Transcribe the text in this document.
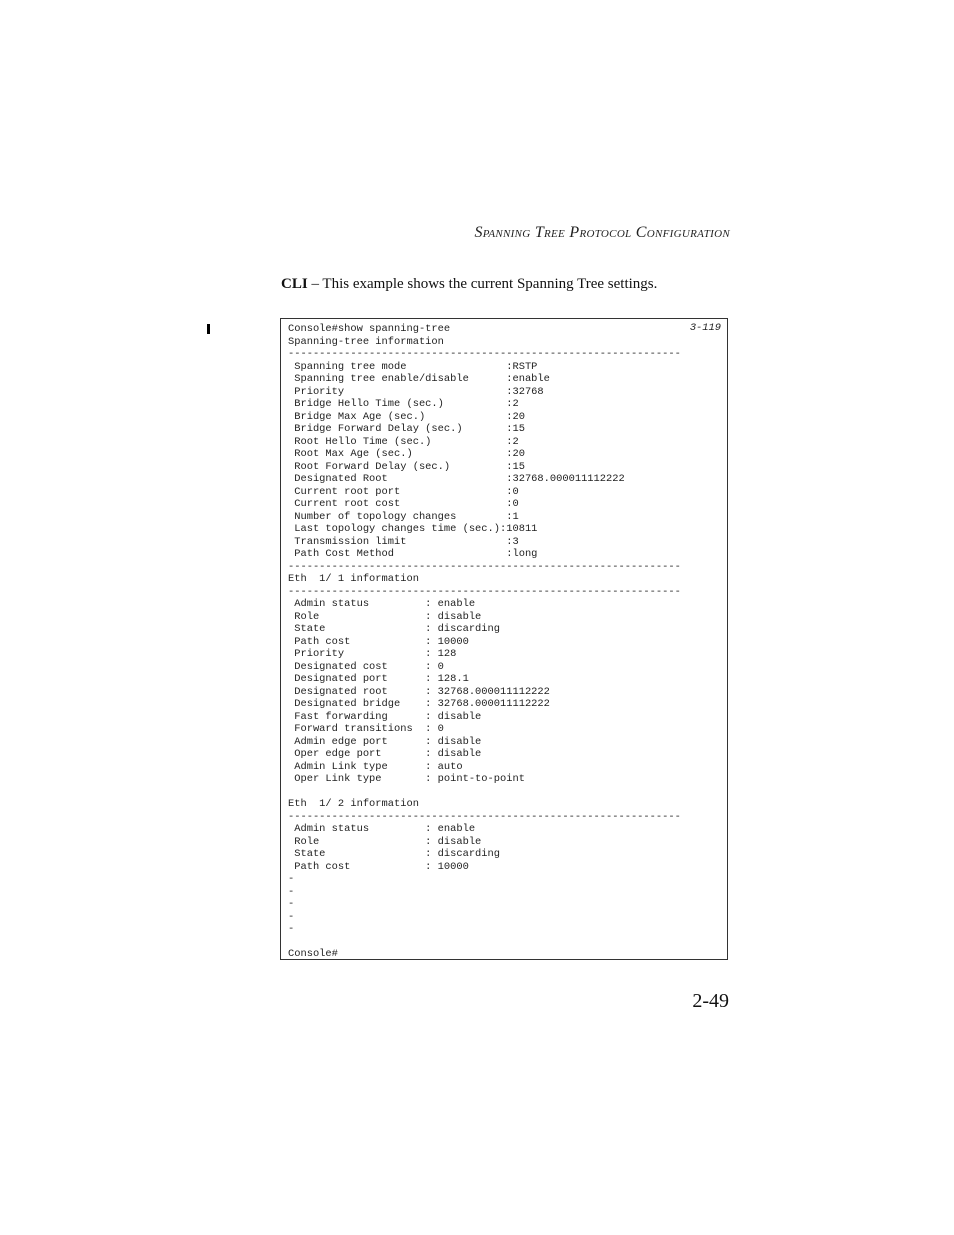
Spanning Tree Protocol Configuration
CLI – This example shows the current Spanning Tree settings.
Console#show spanning-tree
Spanning-tree information
---------------------------------------------------------------
Spanning tree mode                :RSTP
Spanning tree enable/disable      :enable
Priority                          :32768
Bridge Hello Time (sec.)          :2
Bridge Max Age (sec.)             :20
Bridge Forward Delay (sec.)       :15
Root Hello Time (sec.)            :2
Root Max Age (sec.)               :20
Root Forward Delay (sec.)         :15
Designated Root                   :32768.000011112222
Current root port                 :0
Current root cost                 :0
Number of topology changes        :1
Last topology changes time (sec.):10811
Transmission limit                :3
Path Cost Method                  :long
---------------------------------------------------------------
Eth  1/ 1 information
---------------------------------------------------------------
Admin status         : enable
Role                 : disable
State                : discarding
Path cost            : 10000
Priority             : 128
Designated cost      : 0
Designated port      : 128.1
Designated root      : 32768.000011112222
Designated bridge    : 32768.000011112222
Fast forwarding      : disable
Forward transitions  : 0
Admin edge port      : disable
Oper edge port       : disable
Admin Link type      : auto
Oper Link type       : point-to-point

Eth  1/ 2 information
---------------------------------------------------------------
Admin status         : enable
Role                 : disable
State                : discarding
Path cost            : 10000
-
-
-
-
-

Console#

3-119
2-49
